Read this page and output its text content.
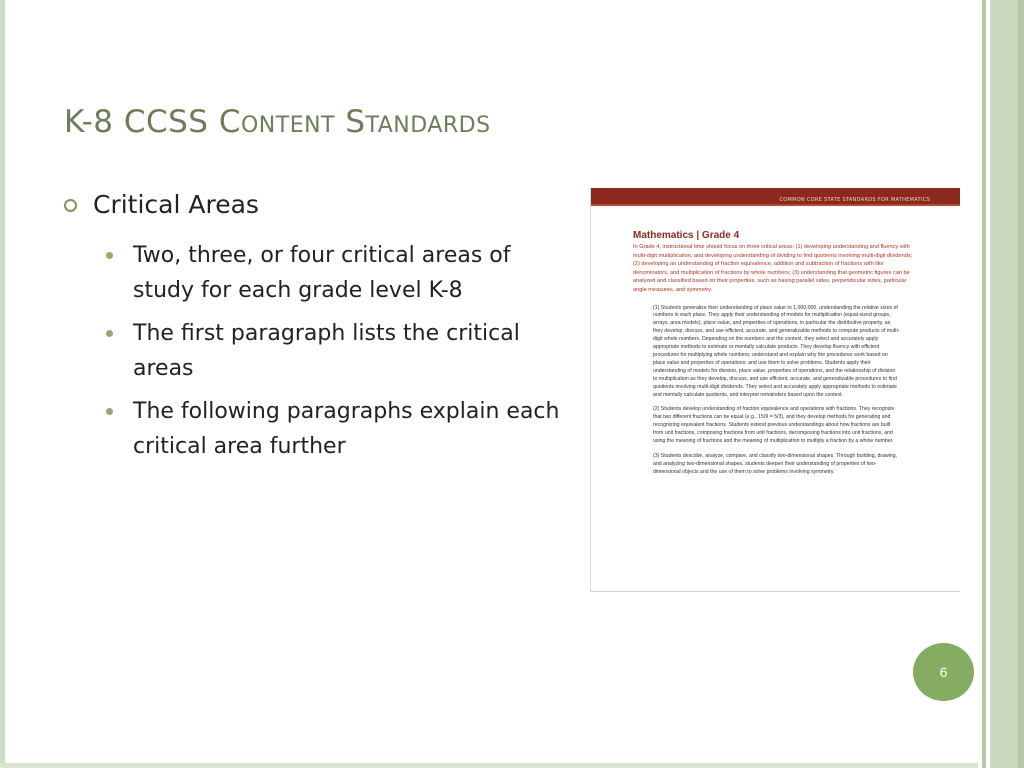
K-8 CCSS Content Standards
Critical Areas
Two, three, or four critical areas of study for each grade level K-8
The first paragraph lists the critical areas
The following paragraphs explain each critical area further
COMMON CORE STATE STANDARDS FOR MATHEMATICS
Mathematics | Grade 4

In Grade 4, instructional time should focus on three critical areas: (1) developing understanding and fluency with multi-digit multiplication, and developing understanding of dividing to find quotients involving multi-digit dividends; (2) developing an understanding of fraction equivalence, addition and subtraction of fractions with like denominators, and multiplication of fractions by whole numbers; (3) understanding that geometric figures can be analyzed and classified based on their properties, such as having parallel sides, perpendicular sides, particular angle measures, and symmetry.

(1) Students generalize their understanding of place value to 1,000,000, understanding the relative sizes of numbers in each place. They apply their understanding of models for multiplication (equal-sized groups, arrays, area models), place value, and properties of operations, in particular the distributive property, as they develop, discuss, and use efficient, accurate, and generalizable methods to compute products of multi-digit whole numbers. Depending on the numbers and the context, they select and accurately apply appropriate methods to estimate or mentally calculate products. They develop fluency with efficient procedures for multiplying whole numbers; understand and explain why the procedures work based on place value and properties of operations; and use them to solve problems. Students apply their understanding of models for division, place value, properties of operations, and the relationship of division to multiplication as they develop, discuss, and use efficient, accurate, and generalizable procedures to find quotients involving multi-digit dividends. They select and accurately apply appropriate methods to estimate and mentally calculate quotients, and interpret remainders based upon the context.

(2) Students develop understanding of fraction equivalence and operations with fractions. They recognize that two different fractions can be equal (e.g., 15/9 = 5/3), and they develop methods for generating and recognizing equivalent fractions. Students extend previous understandings about how fractions are built from unit fractions, composing fractions from unit fractions, decomposing fractions into unit fractions, and using the meaning of fractions and the meaning of multiplication to multiply a fraction by a whole number.

(3) Students describe, analyze, compare, and classify two-dimensional shapes. Through building, drawing, and analyzing two-dimensional shapes, students deepen their understanding of properties of two-dimensional objects and the use of them to solve problems involving symmetry.

6
